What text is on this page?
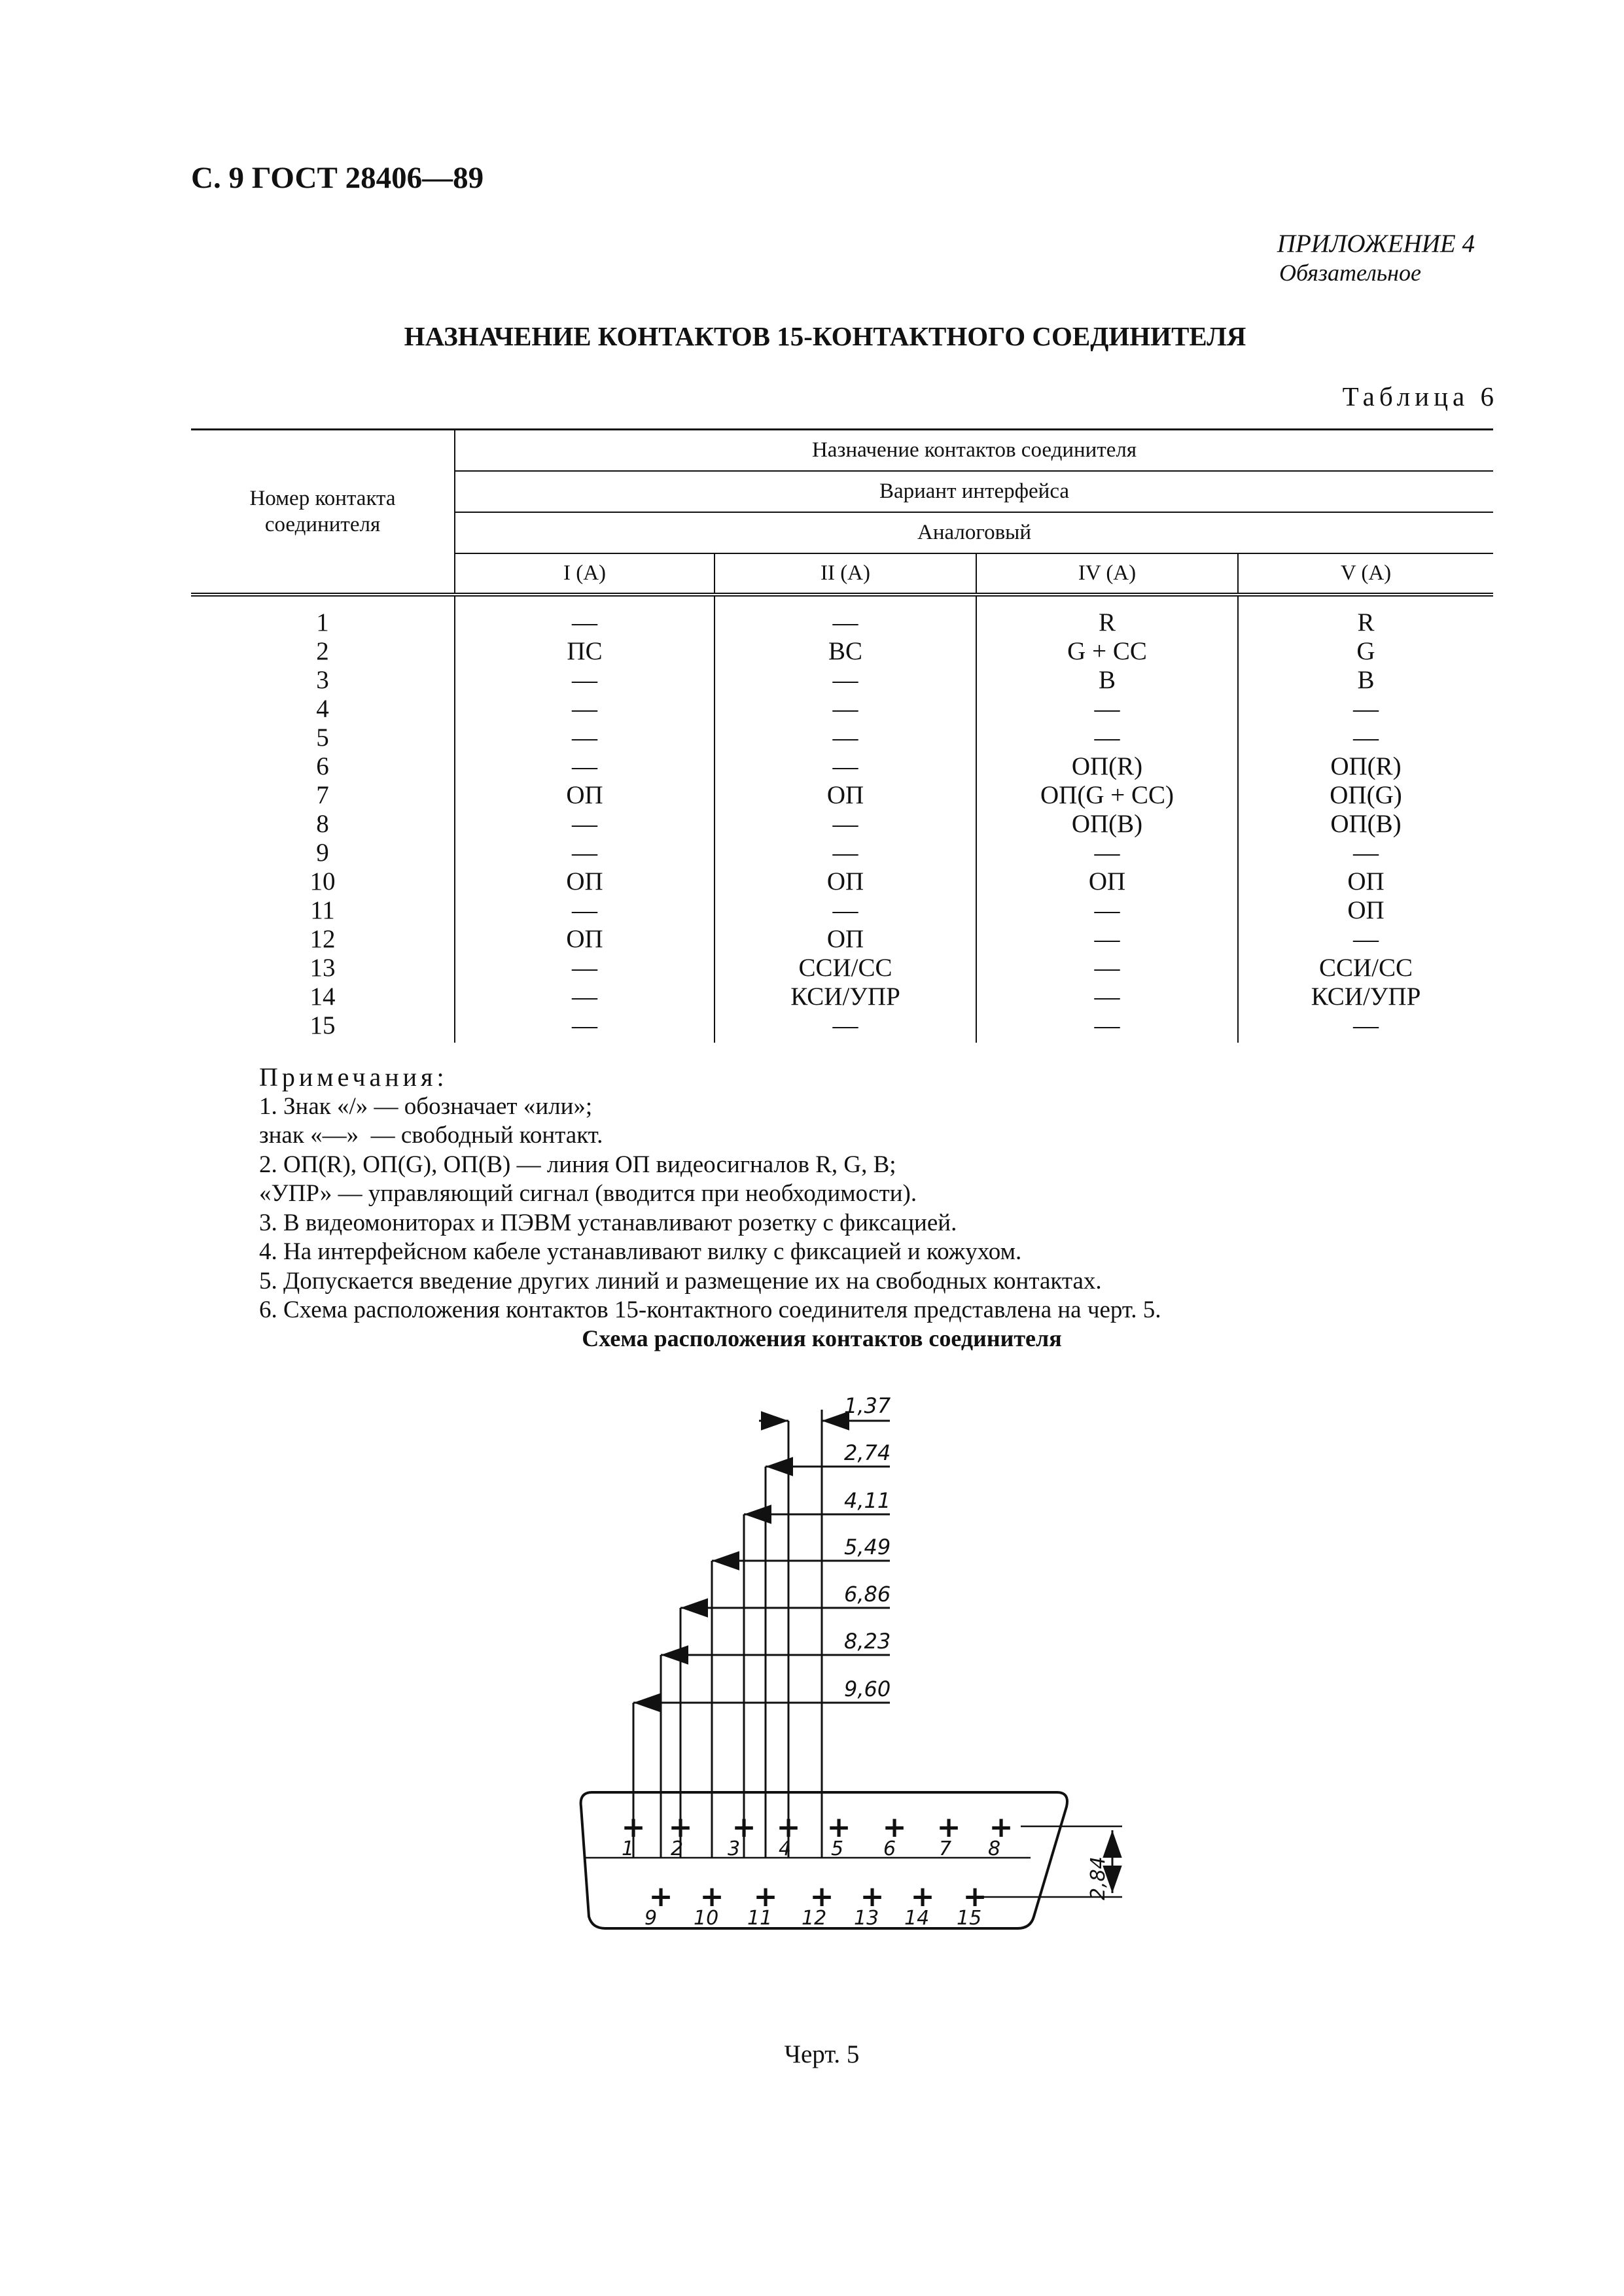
С. 9 ГОСТ 28406—89
ПРИЛОЖЕНИЕ 4
Обязательное
НАЗНАЧЕНИЕ КОНТАКТОВ 15-КОНТАКТНОГО СОЕДИНИТЕЛЯ
Таблица 6
Номер контакта соединителя	Назначение контактов соединителя			
	Вариант интерфейса			
	Аналоговый			
	I (A)	II (A)	IV (A)	V (A)
1	—	—	R	R
2	ПС	ВС	G + CC	G
3	—	—	B	B
4	—	—	—	—
5	—	—	—	—
6	—	—	ОП(R)	ОП(R)
7	ОП	ОП	ОП(G + CC)	ОП(G)
8	—	—	ОП(B)	ОП(B)
9	—	—	—	—
10	ОП	ОП	ОП	ОП
11	—	—	—	ОП
12	ОП	ОП	—	—
13	—	ССИ/СС	—	ССИ/СС
14	—	КСИ/УПР	—	КСИ/УПР
15	—	—	—	—
Примечания:
1. Знак «/» — обозначает «или»;
знак «—»  — свободный контакт.
2. ОП(R), ОП(G), ОП(B) — линия ОП видеосигналов R, G, B;
«УПР» — управляющий сигнал (вводится при необходимости).
3. В видеомониторах и ПЭВМ устанавливают розетку с фиксацией.
4. На интерфейсном кабеле устанавливают вилку с фиксацией и кожухом.
5. Допускается введение других линий и размещение их на свободных контактах.
6. Схема расположения контактов 15-контактного соединителя представлена на черт. 5.
Схема расположения контактов соединителя
1,37
2,74
4,11
5,49
6,86
8,23
9,60
2,84
+ + + + + + + +
+ + + + + + +
1 2 3 4 5 6 7 8
9 10 11 12 13 14 15
Черт. 5
